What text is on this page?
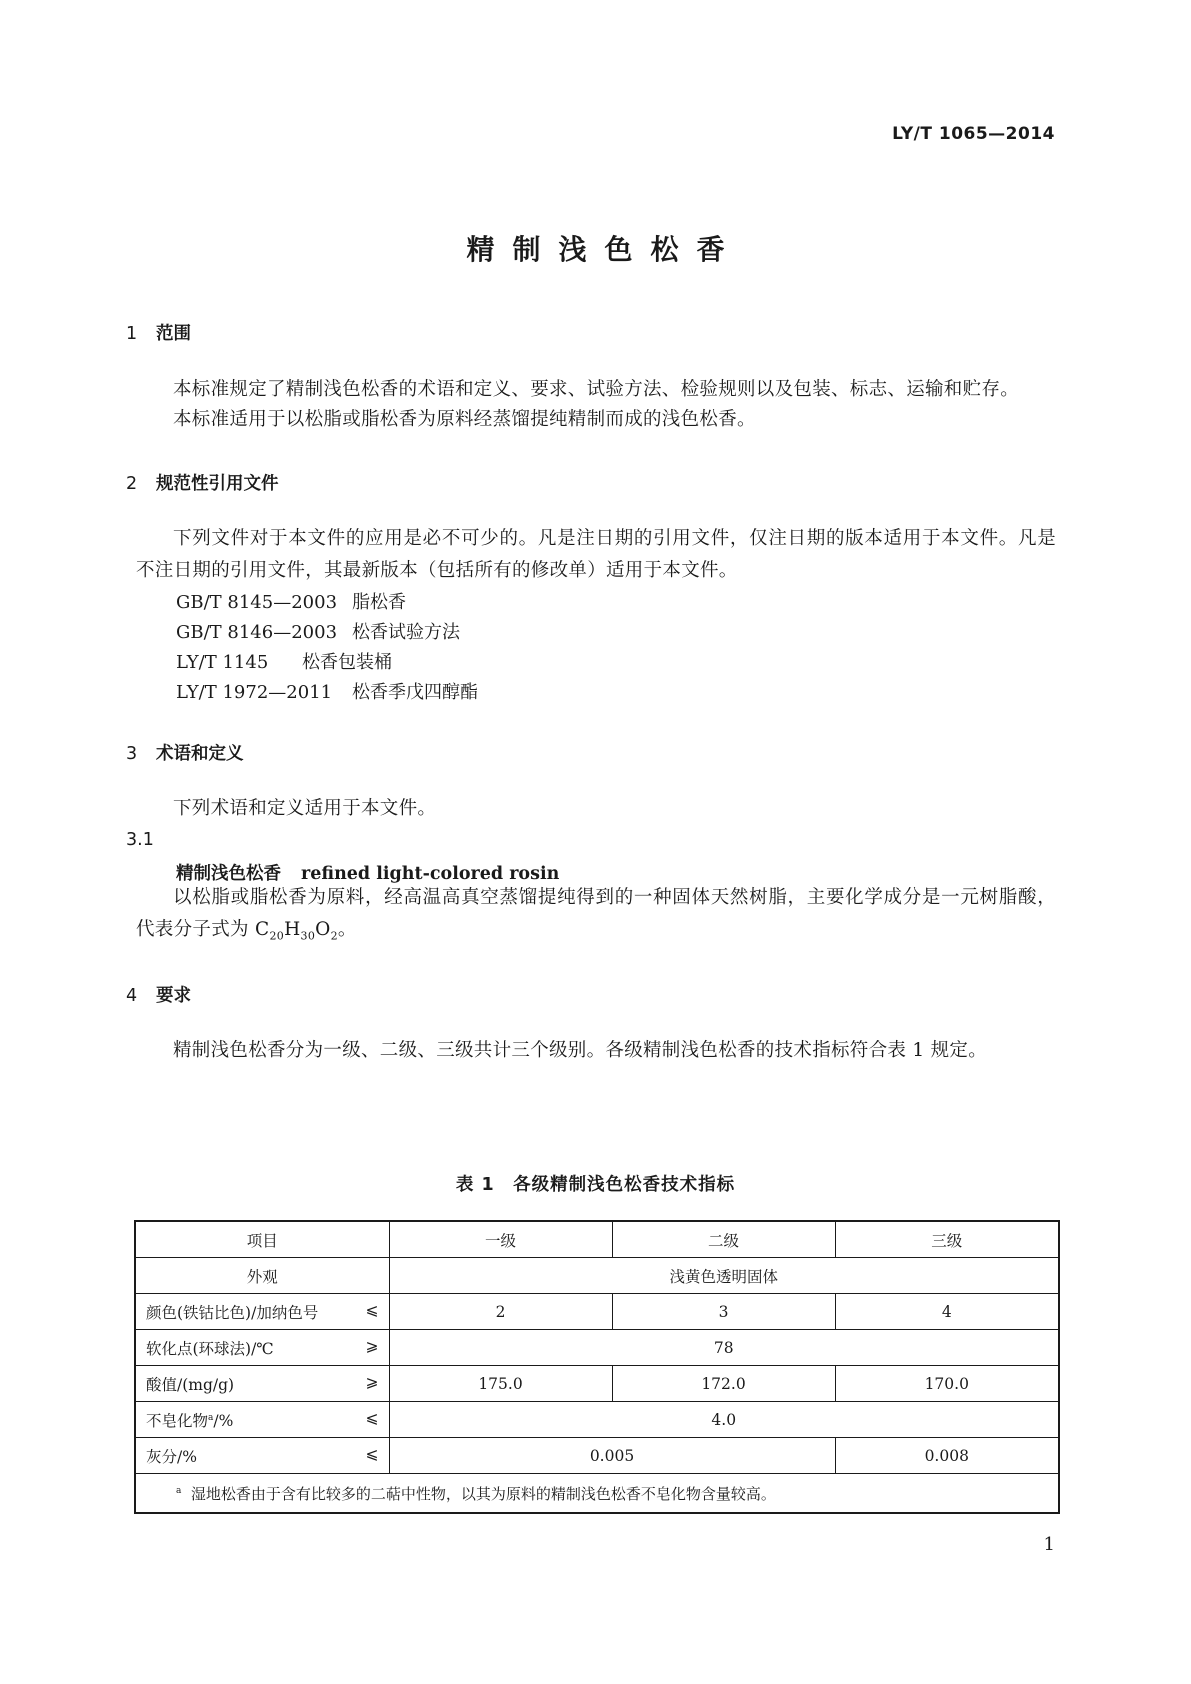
LY/T 1065—2014
精制浅色松香
1 范围
本标准规定了精制浅色松香的术语和定义、要求、试验方法、检验规则以及包装、标志、运输和贮存。
本标准适用于以松脂或脂松香为原料经蒸馏提纯精制而成的浅色松香。
2 规范性引用文件
下列文件对于本文件的应用是必不可少的。凡是注日期的引用文件，仅注日期的版本适用于本文件。凡是不注日期的引用文件，其最新版本（包括所有的修改单）适用于本文件。
GB/T 8145—2003 脂松香
GB/T 8146—2003 松香试验方法
LY/T 1145 松香包装桶
LY/T 1972—2011 松香季戊四醇酯
3 术语和定义
下列术语和定义适用于本文件。
3.1
精制浅色松香 refined light-colored rosin
以松脂或脂松香为原料，经高温高真空蒸馏提纯得到的一种固体天然树脂，主要化学成分是一元树脂酸，代表分子式为 $C_{20}H_{30}O_2$。
4 要求
精制浅色松香分为一级、二级、三级共计三个级别。各级精制浅色松香的技术指标符合表 1 规定。
表 1　各级精制浅色松香技术指标
项目	一级	二级	三级
外观	浅黄色透明固体		

颜色(铁钴比色)/加纳色号 ⩽	2	3	4

软化点(环球法)/℃ ⩾	78		

酸值/(mg/g) ⩾	175.0	172.0	170.0

不皂化物$^a$/% ⩽	4.0		

灰分/% ⩽	0.005		0.008
$^a$ 湿地松香由于含有比较多的二萜中性物，以其为原料的精制浅色松香不皂化物含量较高。			
1
